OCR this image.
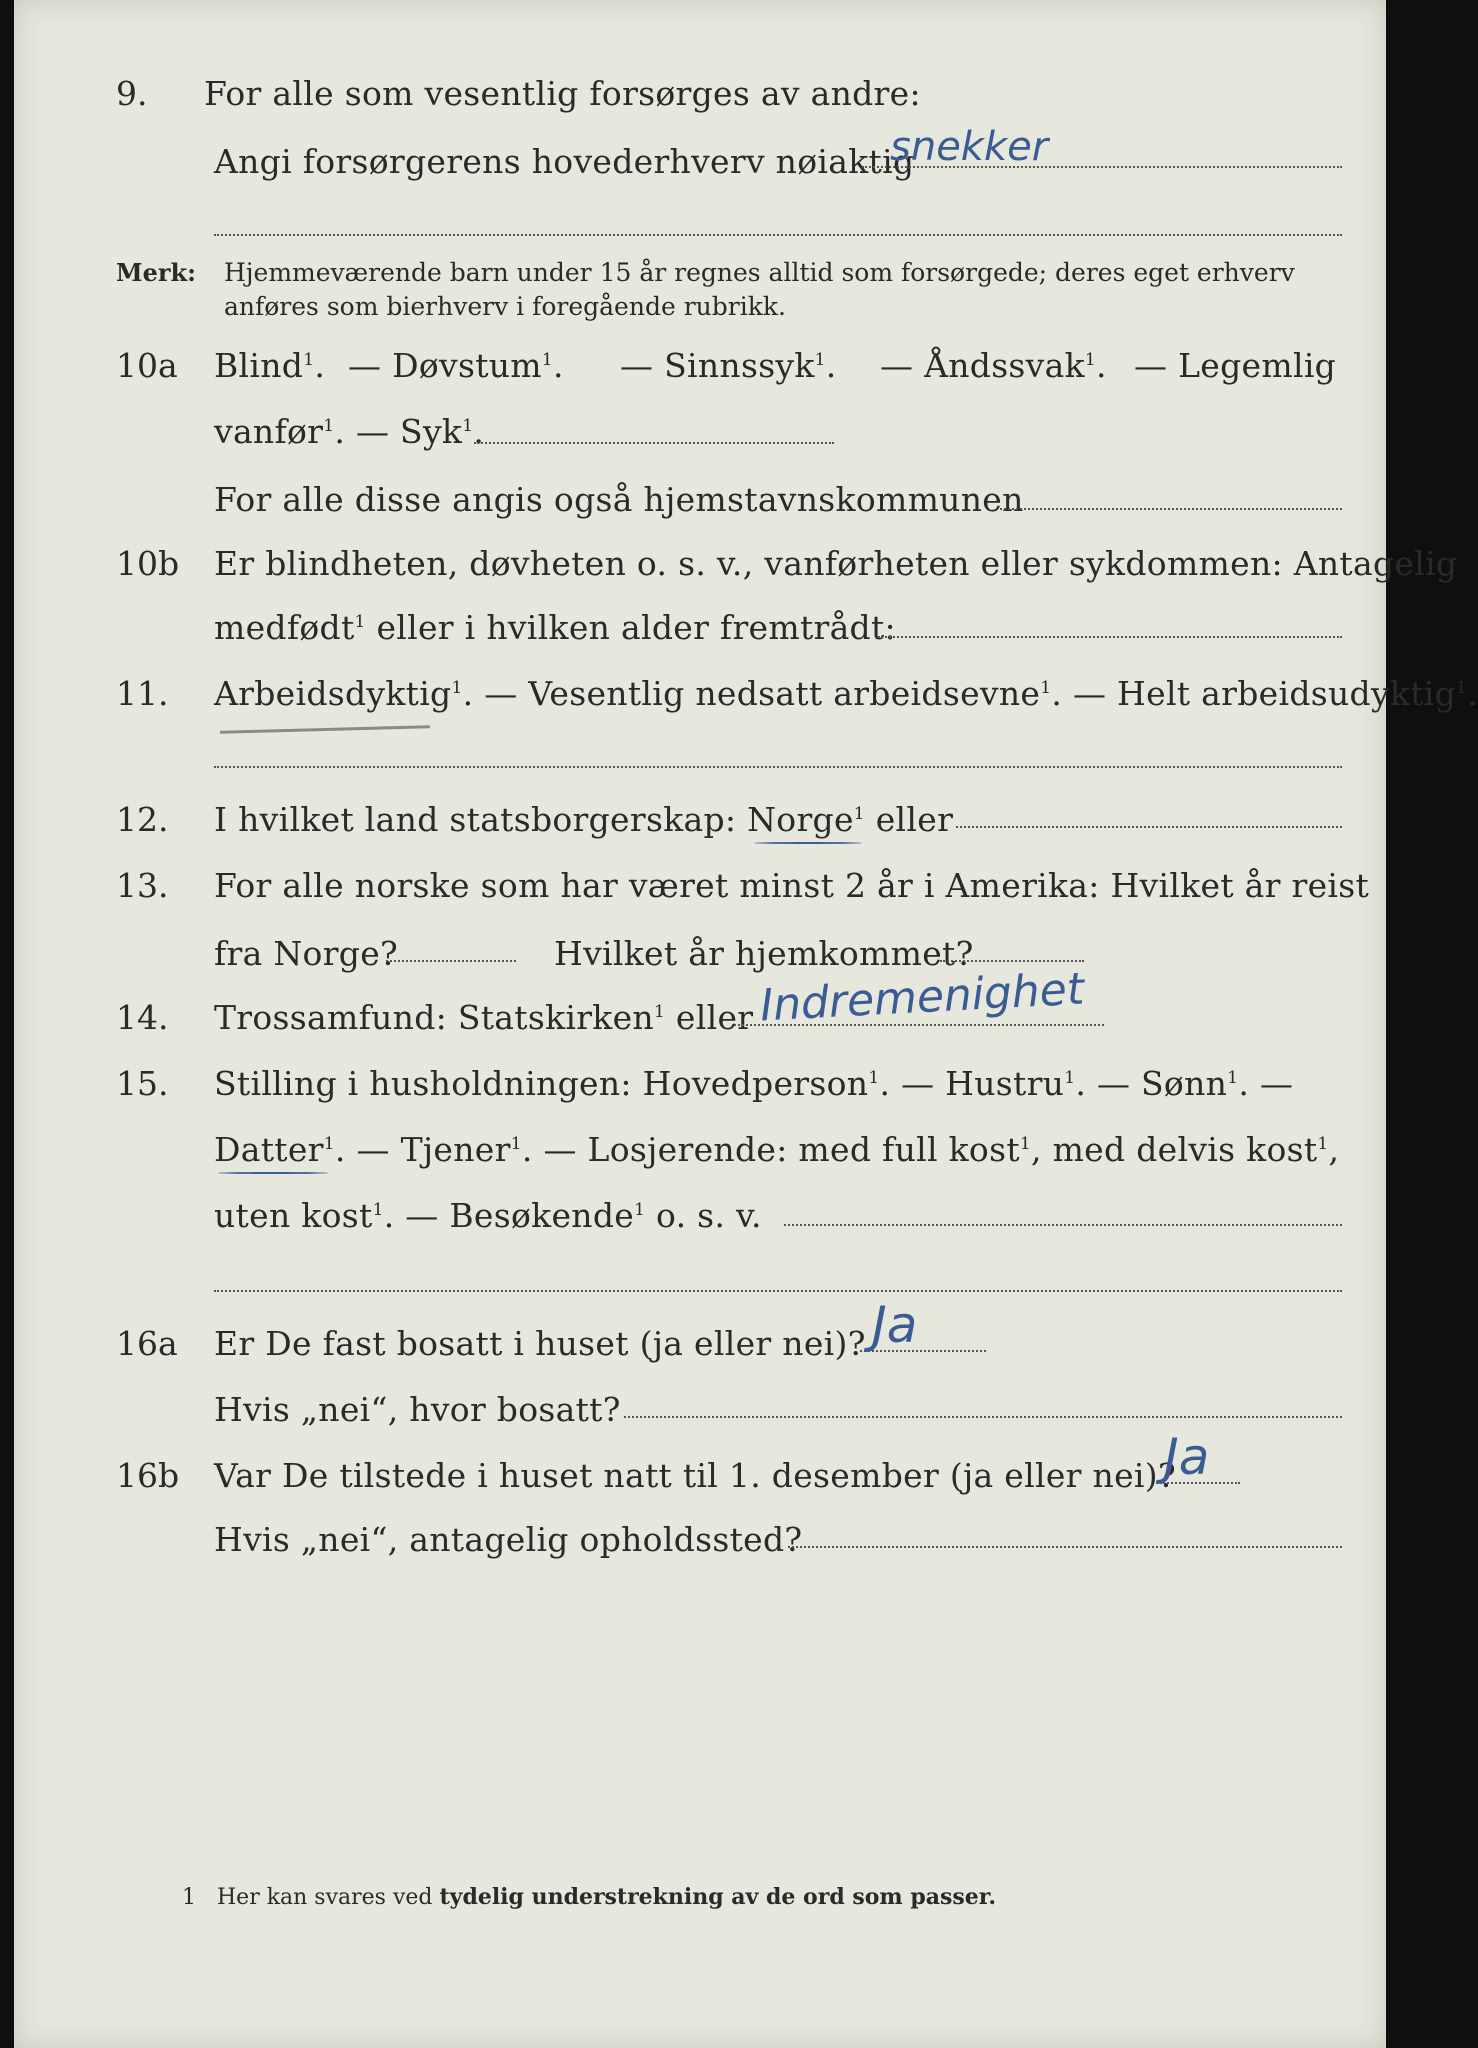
9. For alle som vesentlig forsørges av andre:
Angi forsørgerens hovederhverv nøiaktig
snekker
Merk: Hjemmeværende barn under 15 år regnes alltid som forsørgede; deres eget erhverv
anføres som bierhverv i foregående rubrikk.
10a Blind$^1$. — Døvstum$^1$. — Sinnssyk$^1$. — Åndssvak$^1$. — Legemlig
vanfør$^1$. — Syk$^1$.
For alle disse angis også hjemstavnskommunen
10b Er blindheten, døvheten o. s. v., vanførheten eller sykdommen: Antagelig
medfødt$^1$ eller i hvilken alder fremtrådt:
11. Arbeidsdyktig$^1$. — Vesentlig nedsatt arbeidsevne$^1$. — Helt arbeidsudyktig$^1$.
12. I hvilket land statsborgerskap: Norge$^1$ eller
13. For alle norske som har været minst 2 år i Amerika: Hvilket år reist
fra Norge?	Hvilket år hjemkommet?
14. Trossamfund: Statskirken$^1$ eller Indremenighet
15. Stilling i husholdningen: Hovedperson$^1$. — Hustru$^1$. — Sønn$^1$. —
Datter$^1$. — Tjener$^1$. — Losjerende: med full kost$^1$, med delvis kost$^1$,
uten kost$^1$. — Besøkende$^1$ o. s. v.
16a Er De fast bosatt i huset (ja eller nei)? Ja
Hvis „nei“, hvor bosatt?
16b Var De tilstede i huset natt til 1. desember (ja eller nei)?
Ja
Hvis „nei“, antagelig opholdssted?
1 Her kan svares ved tydelig understrekning av de ord som passer.
